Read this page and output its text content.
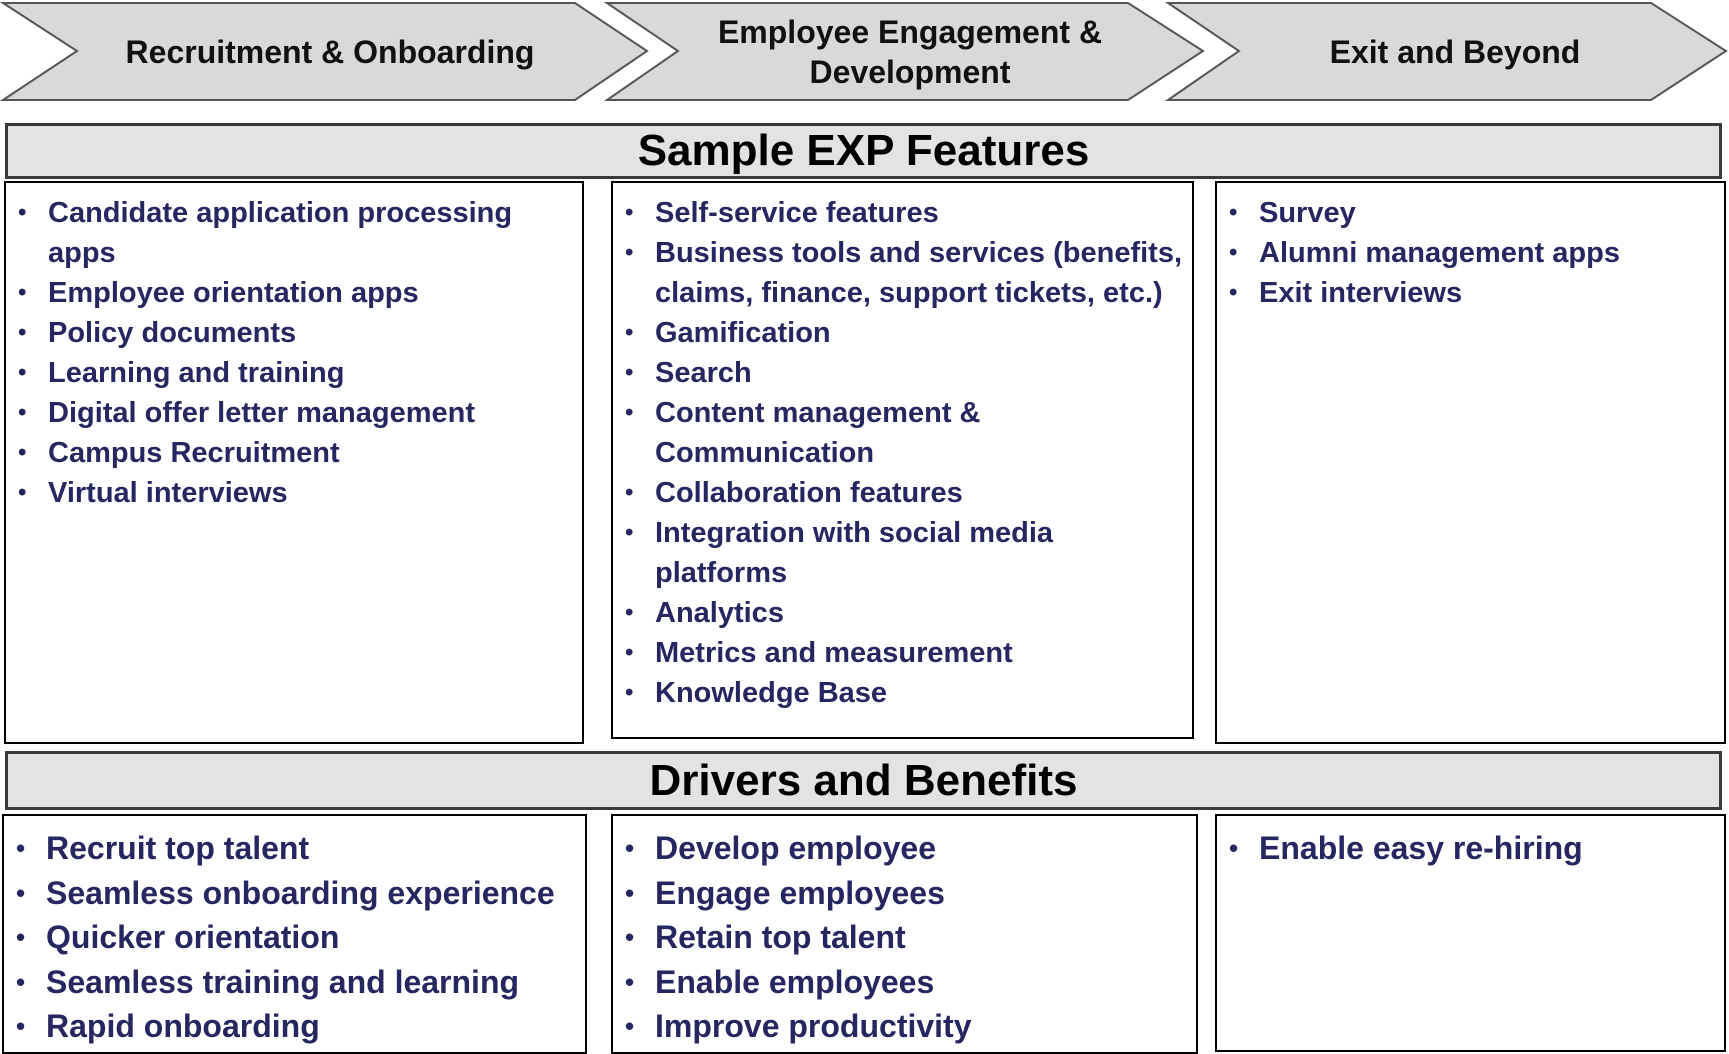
Recruitment & Onboarding
Employee Engagement & Development
Exit and Beyond
Sample EXP Features
• Candidate application processing apps
• Employee orientation apps
• Policy documents
• Learning and training
• Digital offer letter management
• Campus Recruitment
• Virtual interviews
• Self-service features
• Business tools and services (benefits, claims, finance, support tickets, etc.)
• Gamification
• Search
• Content management & Communication
• Collaboration features
• Integration with social media platforms
• Analytics
• Metrics and measurement
• Knowledge Base
• Survey
• Alumni management apps
• Exit interviews
Drivers and Benefits
• Recruit top talent
• Seamless onboarding experience
• Quicker orientation
• Seamless training and learning
• Rapid onboarding
• Develop employee
• Engage employees
• Retain top talent
• Enable employees
• Improve productivity
• Enable easy re-hiring
